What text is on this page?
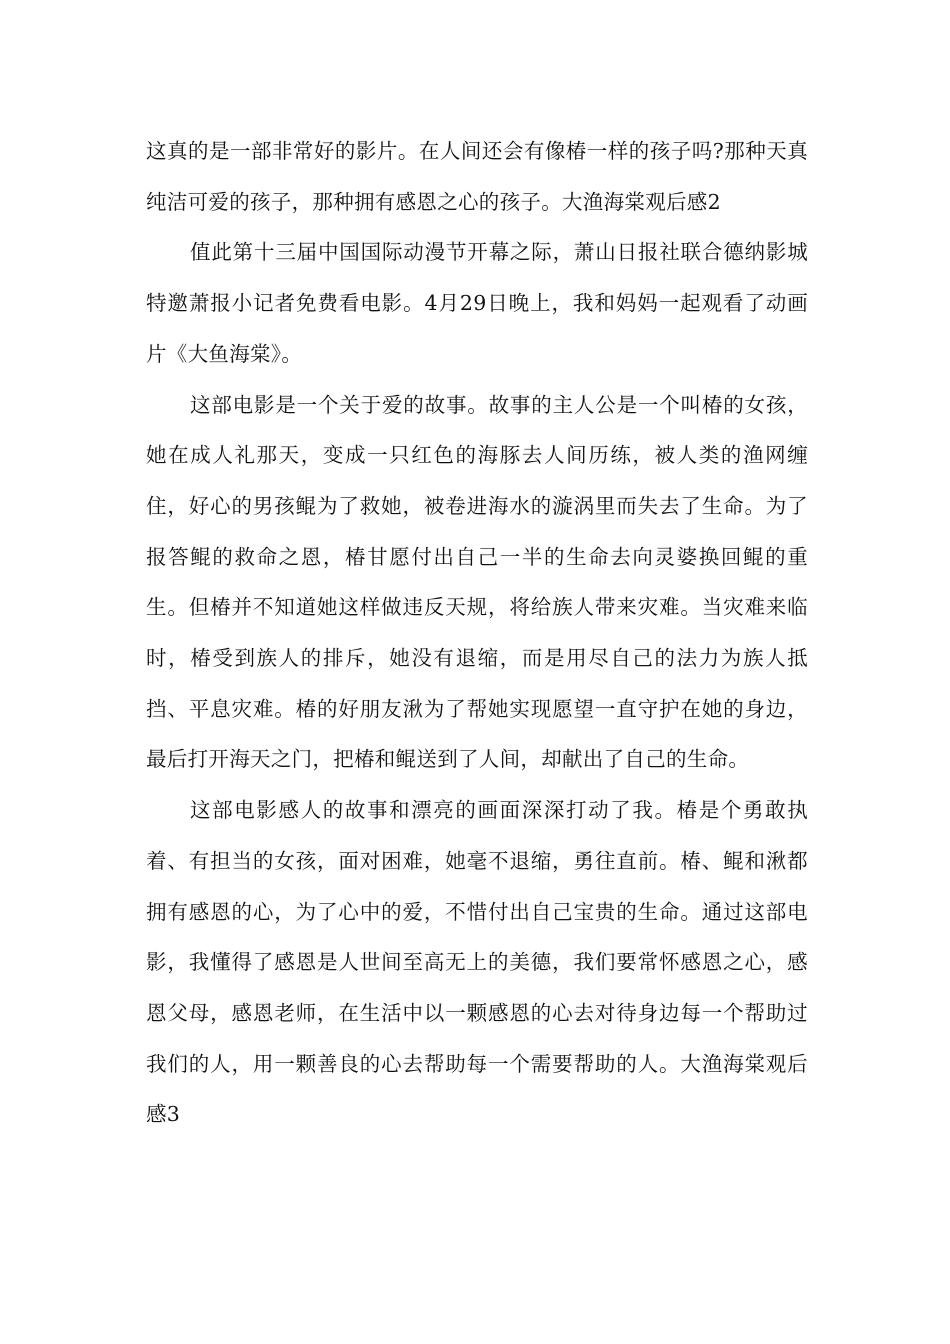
这真的是一部非常好的影片。在人间还会有像椿一样的孩子吗?那种天真纯洁可爱的孩子，那种拥有感恩之心的孩子。大渔海棠观后感2

值此第十三届中国国际动漫节开幕之际，萧山日报社联合德纳影城特邀萧报小记者免费看电影。4月29日晚上，我和妈妈一起观看了动画片《大鱼海棠》。

这部电影是一个关于爱的故事。故事的主人公是一个叫椿的女孩，她在成人礼那天，变成一只红色的海豚去人间历练，被人类的渔网缠住，好心的男孩鲲为了救她，被卷进海水的漩涡里而失去了生命。为了报答鲲的救命之恩，椿甘愿付出自己一半的生命去向灵婆换回鲲的重生。但椿并不知道她这样做违反天规，将给族人带来灾难。当灾难来临时，椿受到族人的排斥，她没有退缩，而是用尽自己的法力为族人抵挡、平息灾难。椿的好朋友湫为了帮她实现愿望一直守护在她的身边，最后打开海天之门，把椿和鲲送到了人间，却献出了自己的生命。

这部电影感人的故事和漂亮的画面深深打动了我。椿是个勇敢执着、有担当的女孩，面对困难，她毫不退缩，勇往直前。椿、鲲和湫都拥有感恩的心，为了心中的爱，不惜付出自己宝贵的生命。通过这部电影，我懂得了感恩是人世间至高无上的美德，我们要常怀感恩之心，感恩父母，感恩老师，在生活中以一颗感恩的心去对待身边每一个帮助过我们的人，用一颗善良的心去帮助每一个需要帮助的人。大渔海棠观后感3
